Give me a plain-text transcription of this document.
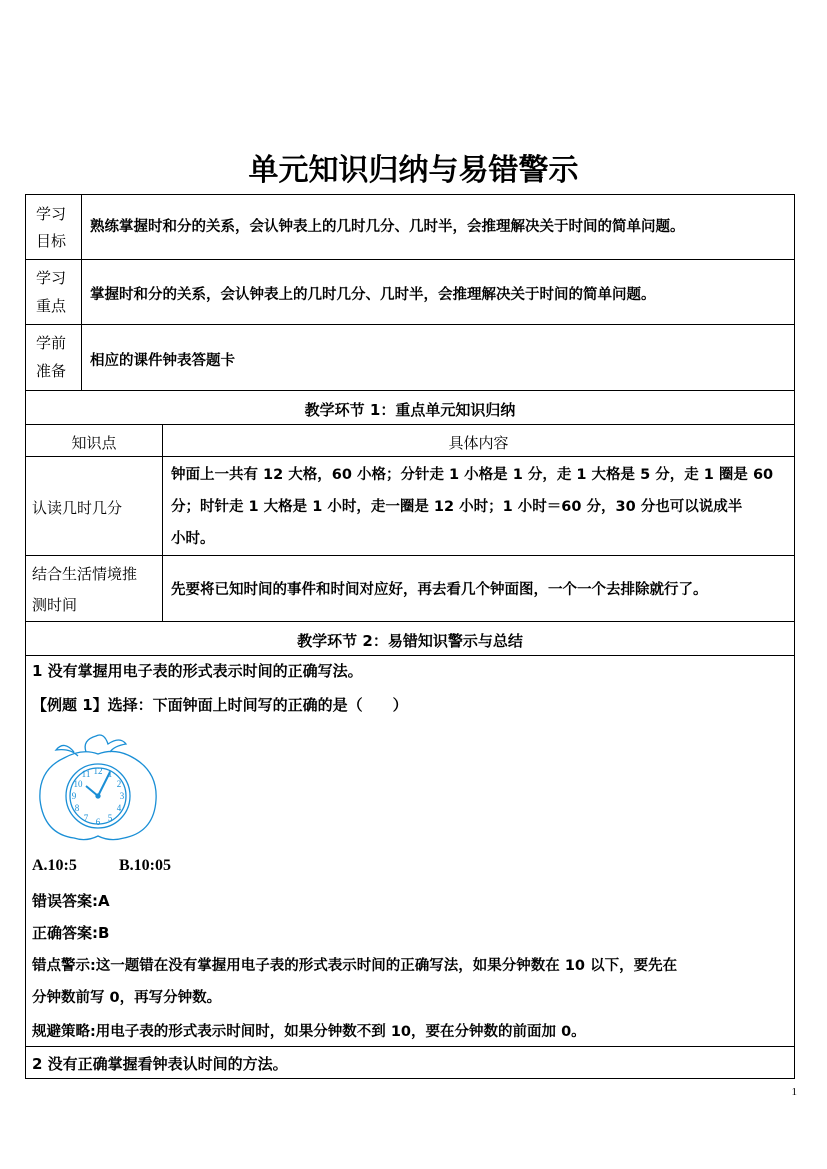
单元知识归纳与易错警示

学习

目标

熟练掌握时和分的关系，会认钟表上的几时几分、几时半，会推理解决关于时间的简单问题。

学习

重点

掌握时和分的关系，会认钟表上的几时几分、几时半，会推理解决关于时间的简单问题。

学前

准备

相应的课件钟表答题卡
教学环节 1：重点单元知识归纳
知识点	具体内容
认读几时几分

钟面上一共有 12 大格，60 小格；分针走 1 小格是 1 分，走 1 大格是 5 分，走 1 圈是 60

分；时针走 1 大格是 1 小时，走一圈是 12 小时；1 小时＝60 分，30 分也可以说成半

小时。

结合生活情境推

测时间

先要将已知时间的事件和时间对应好，再去看几个钟面图，一个一个去排除就行了。
教学环节 2：易错知识警示与总结
1 没有掌握用电子表的形式表示时间的正确写法。
【例题 1】选择：下面钟面上时间写的正确的是（　　）
12 1
2
3
4
5
6
7
8
9
10
11
A.10:5	B.10:05
错误答案:A
正确答案:B

错点警示:这一题错在没有掌握用电子表的形式表示时间的正确写法，如果分钟数在 10 以下，要先在

分钟数前写 0，再写分钟数。

规避策略:用电子表的形式表示时间时，如果分钟数不到 10，要在分钟数的前面加 0。
2 没有正确掌握看钟表认时间的方法。
1
